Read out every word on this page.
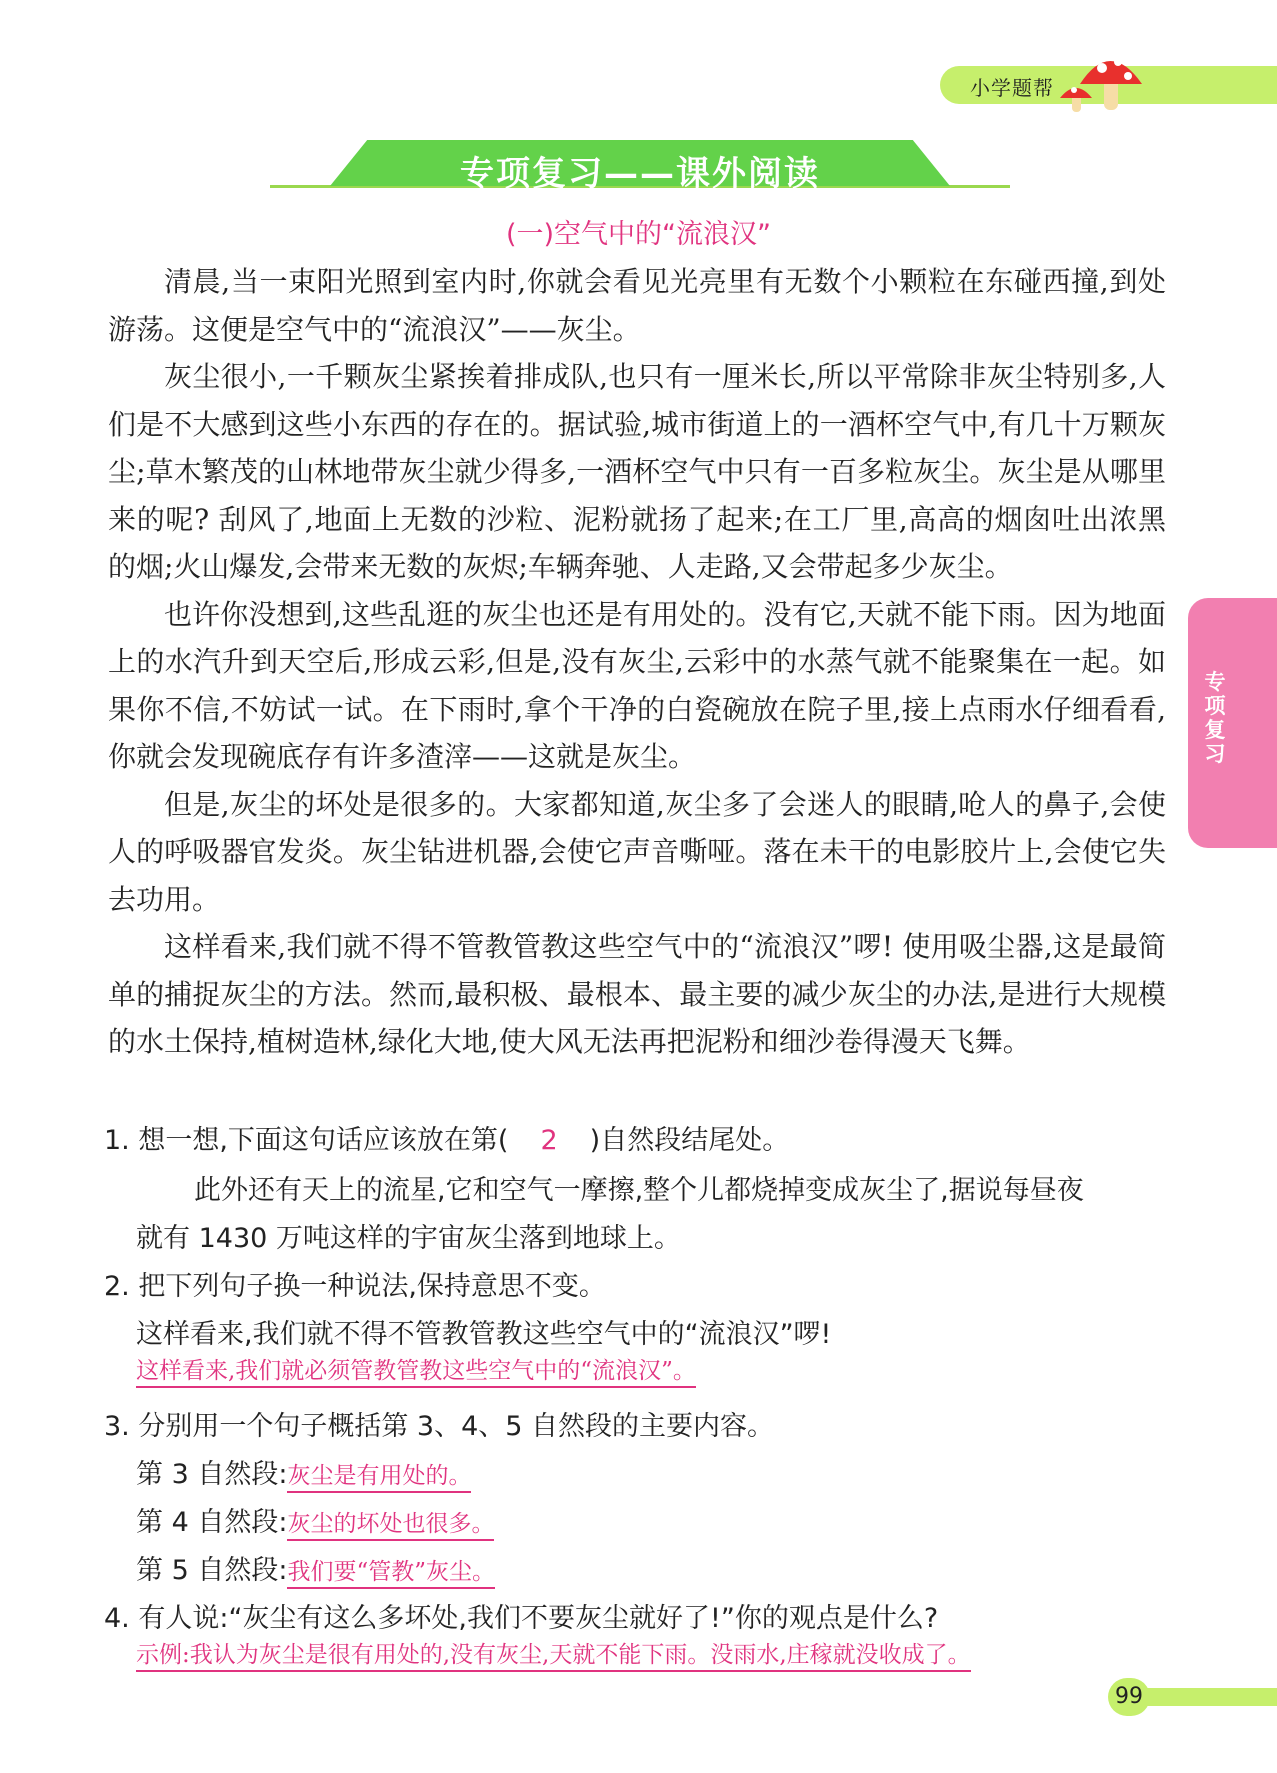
小学题帮
专项复习——课外阅读
(一)空气中的“流浪汉”

清晨,当一束阳光照到室内时,你就会看见光亮里有无数个小颗粒在东碰西撞,到处游荡。这便是空气中的“流浪汉”——灰尘。

灰尘很小,一千颗灰尘紧挨着排成队,也只有一厘米长,所以平常除非灰尘特别多,人们是不大感到这些小东西的存在的。据试验,城市街道上的一酒杯空气中,有几十万颗灰尘;草木繁茂的山林地带灰尘就少得多,一酒杯空气中只有一百多粒灰尘。灰尘是从哪里来的呢? 刮风了,地面上无数的沙粒、泥粉就扬了起来;在工厂里,高高的烟囱吐出浓黑的烟;火山爆发,会带来无数的灰烬;车辆奔驰、人走路,又会带起多少灰尘。

也许你没想到,这些乱逛的灰尘也还是有用处的。没有它,天就不能下雨。因为地面上的水汽升到天空后,形成云彩,但是,没有灰尘,云彩中的水蒸气就不能聚集在一起。如果你不信,不妨试一试。在下雨时,拿个干净的白瓷碗放在院子里,接上点雨水仔细看看,你就会发现碗底存有许多渣滓——这就是灰尘。

但是,灰尘的坏处是很多的。大家都知道,灰尘多了会迷人的眼睛,呛人的鼻子,会使人的呼吸器官发炎。灰尘钻进机器,会使它声音嘶哑。落在未干的电影胶片上,会使它失去功用。

这样看来,我们就不得不管教管教这些空气中的“流浪汉”啰! 使用吸尘器,这是最简单的捕捉灰尘的方法。然而,最积极、最根本、最主要的减少灰尘的办法,是进行大规模的水土保持,植树造林,绿化大地,使大风无法再把泥粉和细沙卷得漫天飞舞。

专项复习
1. 想一想,下面这句话应该放在第( 2 )自然段结尾处。
此外还有天上的流星,它和空气一摩擦,整个儿都烧掉变成灰尘了,据说每昼夜
就有 1430 万吨这样的宇宙灰尘落到地球上。
2. 把下列句子换一种说法,保持意思不变。
这样看来,我们就不得不管教管教这些空气中的“流浪汉”啰!
这样看来,我们就必须管教管教这些空气中的“流浪汉”。
3. 分别用一个句子概括第 3、4、5 自然段的主要内容。
第 3 自然段:灰尘是有用处的。
第 4 自然段:灰尘的坏处也很多。
第 5 自然段:我们要“管教”灰尘。
4. 有人说:“灰尘有这么多坏处,我们不要灰尘就好了!”你的观点是什么?
示例:我认为灰尘是很有用处的,没有灰尘,天就不能下雨。没雨水,庄稼就没收成了。
99
